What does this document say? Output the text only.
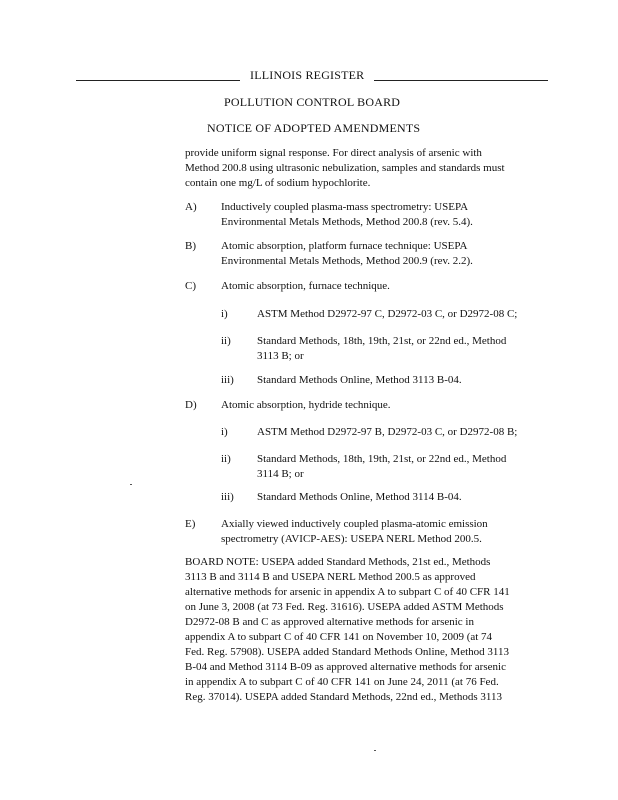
ILLINOIS REGISTER
POLLUTION CONTROL BOARD
NOTICE OF ADOPTED AMENDMENTS
provide uniform signal response. For direct analysis of arsenic with
Method 200.8 using ultrasonic nebulization, samples and standards must
contain one mg/L of sodium hypochlorite.
A) Inductively coupled plasma-mass spectrometry: USEPA
Environmental Metals Methods, Method 200.8 (rev. 5.4).
B) Atomic absorption, platform furnace technique: USEPA
Environmental Metals Methods, Method 200.9 (rev. 2.2).
C) Atomic absorption, furnace technique.
i)	ASTM Method D2972-97 C, D2972-03 C, or D2972-08 C;
ii) Standard Methods, 18th, 19th, 21st, or 22nd ed., Method
3113 B; or
iii) Standard Methods Online, Method 3113 B-04.
D) Atomic absorption, hydride technique.
i)	ASTM Method D2972-97 B, D2972-03 C, or D2972-08 B;
ii) Standard Methods, 18th, 19th, 21st, or 22nd ed., Method
3114 B; or
iii) Standard Methods Online, Method 3114 B-04.
E) Axially viewed inductively coupled plasma-atomic emission
spectrometry (AVICP-AES): USEPA NERL Method 200.5.
BOARD NOTE: USEPA added Standard Methods, 21st ed., Methods
3113 B and 3114 B and USEPA NERL Method 200.5 as approved
alternative methods for arsenic in appendix A to subpart C of 40 CFR 141
on June 3, 2008 (at 73 Fed. Reg. 31616). USEPA added ASTM Methods
D2972-08 B and C as approved alternative methods for arsenic in
appendix A to subpart C of 40 CFR 141 on November 10, 2009 (at 74
Fed. Reg. 57908). USEPA added Standard Methods Online, Method 3113
B-04 and Method 3114 B-09 as approved alternative methods for arsenic
in appendix A to subpart C of 40 CFR 141 on June 24, 2011 (at 76 Fed.
Reg. 37014). USEPA added Standard Methods, 22nd ed., Methods 3113
